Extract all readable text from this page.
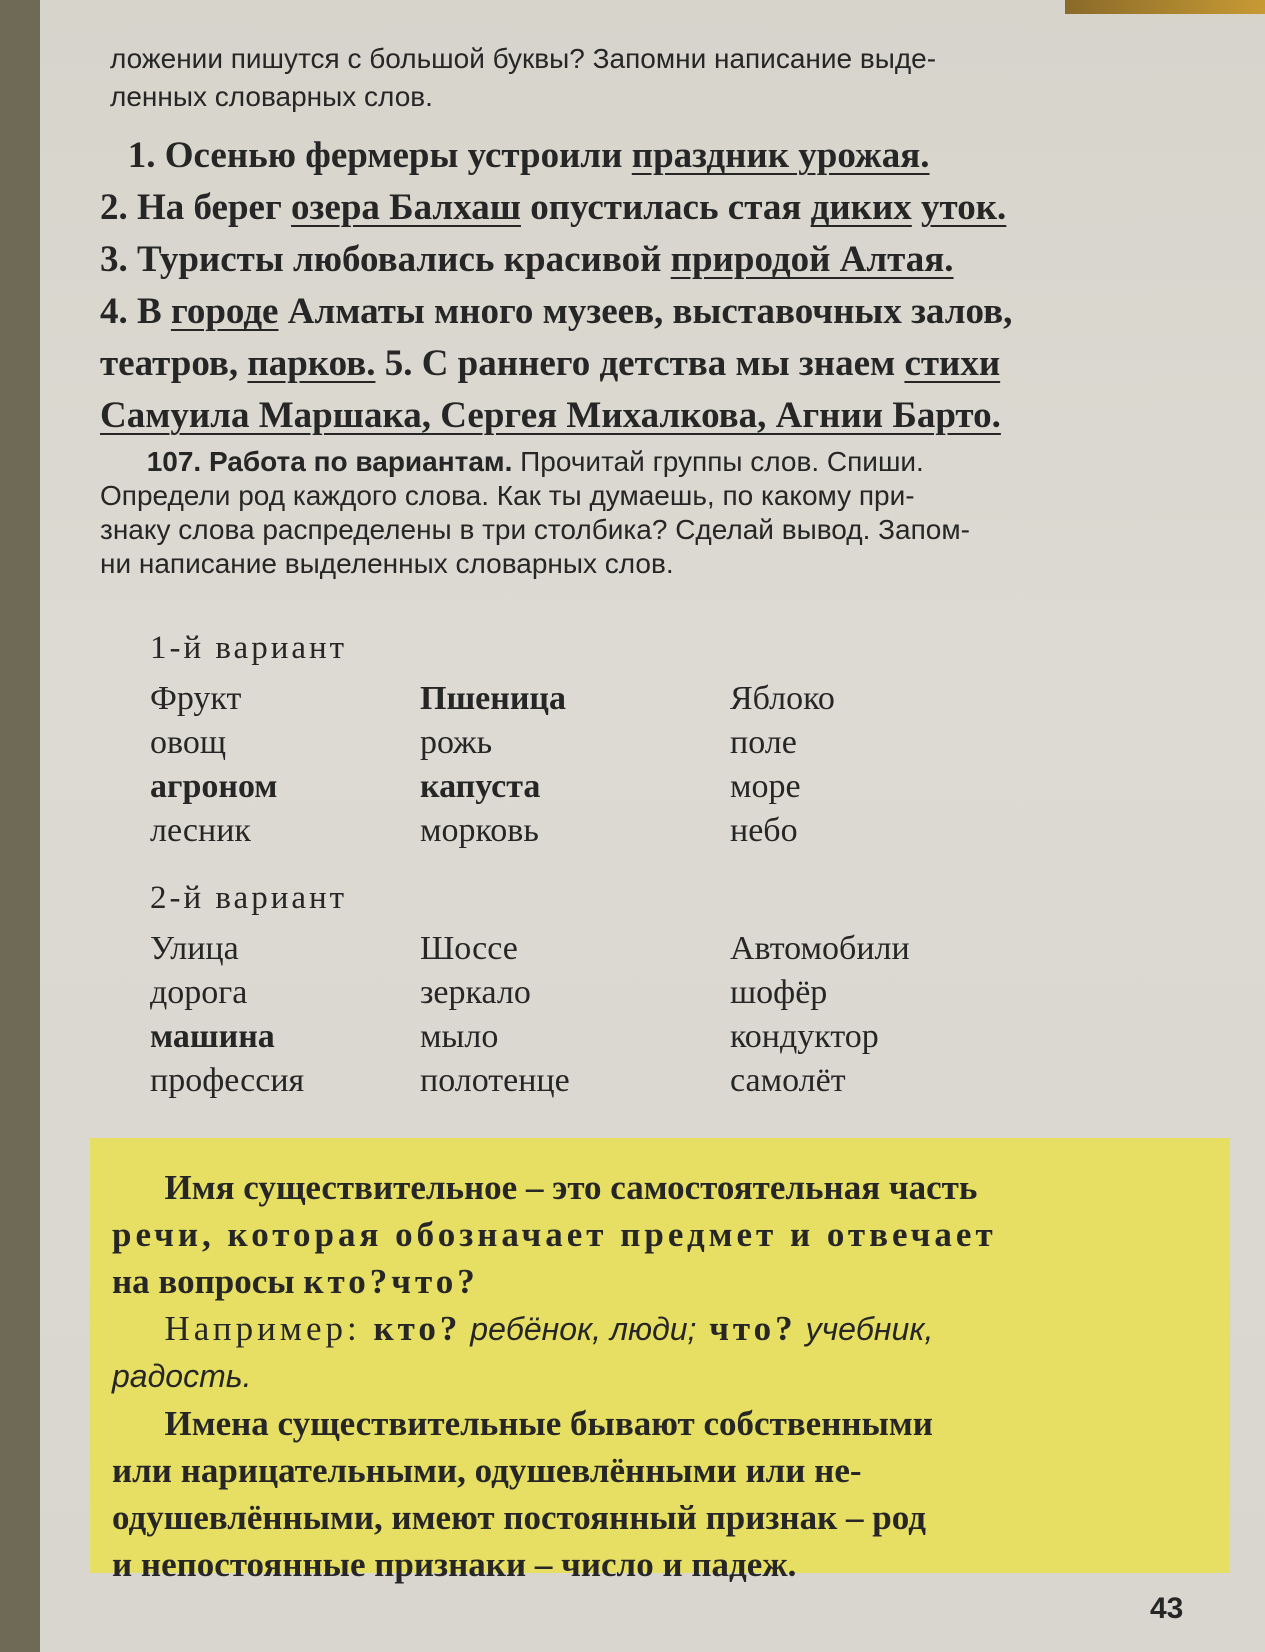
ложении пишутся с большой буквы? Запомни написание выде-
ленных словарных слов.
1. Осенью фермеры устроили праздник урожая.
2. На берег озера Балхаш опустилась стая диких уток.
3. Туристы любовались красивой природой Алтая.
4. В городе Алматы много музеев, выставочных залов,
театров, парков. 5. С раннего детства мы знаем стихи
Самуила Маршака, Сергея Михалкова, Агнии Барто.
107. Работа по вариантам. Прочитай группы слов. Спиши.
Определи род каждого слова. Как ты думаешь, по какому при-
знаку слова распределены в три столбика? Сделай вывод. Запом-
ни написание выделенных словарных слов.
1-й вариант
Фрукт	Пшеница	Яблоко
овощ	рожь	поле
агроном	капуста	море
лесник	морковь	небо
2-й вариант
Улица	Шоссе	Автомобили
дорога	зеркало	шофёр
машина	мыло	кондуктор
профессия	полотенце	самолёт
Имя существительное – это самостоятельная часть
речи, которая обозначает предмет и отвечает
на вопросы кто?что?
Например: кто? ребёнок, люди; что? учебник,
радость.
Имена существительные бывают собственными
или нарицательными, одушевлёнными или не-
одушевлёнными, имеют постоянный признак – род
и непостоянные признаки – число и падеж.
43
